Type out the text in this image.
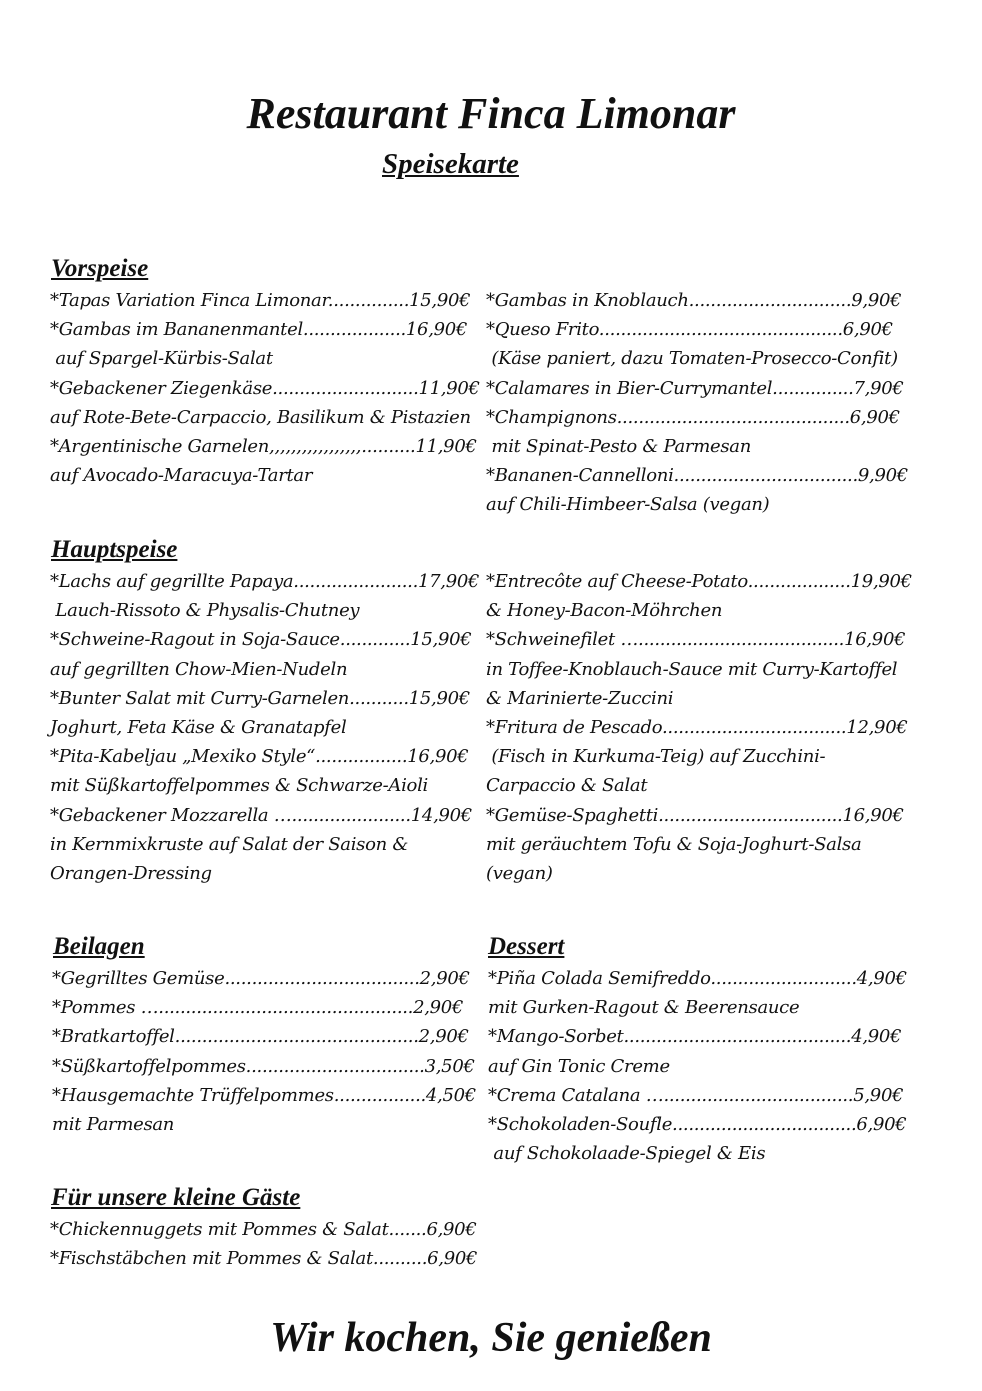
Restaurant Finca Limonar
Speisekarte
Vorspeise
*Tapas Variation Finca Limonar...............15,90€
*Gambas im Bananenmantel...................16,90€
auf Spargel-Kürbis-Salat
*Gebackener Ziegenkäse...........................11,90€
auf Rote-Bete-Carpaccio, Basilikum & Pistazien
*Argentinische Garnelen,,,,,,,,,,,,,,,,,..........11,90€
auf Avocado-Maracuya-Tartar
*Gambas in Knoblauch..............................9,90€
*Queso Frito.............................................6,90€
(Käse paniert, dazu Tomaten-Prosecco-Confit)
*Calamares in Bier-Currymantel...............7,90€
*Champignons...........................................6,90€
mit Spinat-Pesto & Parmesan
*Bananen-Cannelloni..................................9,90€
auf Chili-Himbeer-Salsa (vegan)
Hauptspeise
*Lachs auf gegrillte Papaya.......................17,90€
Lauch-Rissoto & Physalis-Chutney
*Schweine-Ragout in Soja-Sauce.............15,90€
auf gegrillten Chow-Mien-Nudeln
*Bunter Salat mit Curry-Garnelen...........15,90€
Joghurt, Feta Käse & Granatapfel
*Pita-Kabeljau „Mexiko Style“.................16,90€
mit Süßkartoffelpommes & Schwarze-Aioli
*Gebackener Mozzarella …......................14,90€
in Kernmixkruste auf Salat der Saison &
Orangen-Dressing
*Entrecôte auf Cheese-Potato...................19,90€
& Honey-Bacon-Möhrchen
*Schweinefilet …......................................16,90€
in Toffee-Knoblauch-Sauce mit Curry-Kartoffel
& Marinierte-Zuccini
*Fritura de Pescado..................................12,90€
(Fisch in Kurkuma-Teig) auf Zucchini-
Carpaccio & Salat
*Gemüse-Spaghetti..................................16,90€
mit geräuchtem Tofu & Soja-Joghurt-Salsa
(vegan)
Beilagen
*Gegrilltes Gemüse....................................2,90€
*Pommes …...............................................2,90€
*Bratkartoffel.............................................2,90€
*Süßkartoffelpommes.................................3,50€
*Hausgemachte Trüffelpommes.................4,50€
mit Parmesan
Dessert
*Piña Colada Semifreddo...........................4,90€
mit Gurken-Ragout & Beerensauce
*Mango-Sorbet..........................................4,90€
auf Gin Tonic Creme
*Crema Catalana …...................................5,90€
*Schokoladen-Soufle..................................6,90€
auf Schokolaade-Spiegel & Eis
Für unsere kleine Gäste
*Chickennuggets mit Pommes & Salat.......6,90€
*Fischstäbchen mit Pommes & Salat..........6,90€

Wir kochen, Sie genießen
